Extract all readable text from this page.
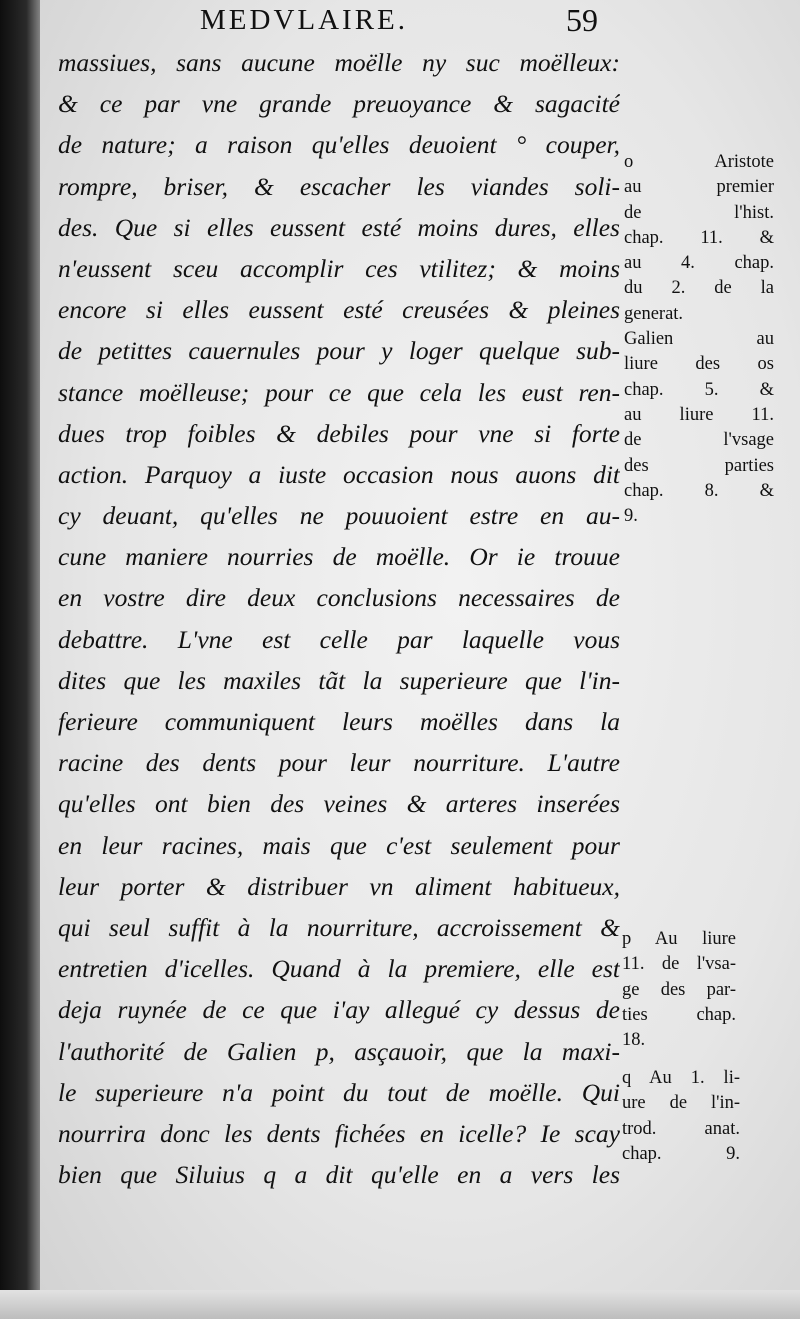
MEDVLAIRE.	59
massiues, sans aucune moëlle ny suc moëlleux:
& ce par vne grande preuoyance & sagacité
de nature; a raison qu'elles deuoient ° couper,
rompre, briser, & escacher les viandes soli-
des. Que si elles eussent esté moins dures, elles
n'eussent sceu accomplir ces vtilitez; & moins
encore si elles eussent esté creusées & pleines
de petittes cauernules pour y loger quelque sub-
stance moëlleuse; pour ce que cela les eust ren-
dues trop foibles & debiles pour vne si forte
action. Parquoy a iuste occasion nous auons dit
cy deuant, qu'elles ne pouuoient estre en au-
cune maniere nourries de moëlle. Or ie trouue
en vostre dire deux conclusions necessaires de
debattre. L'vne est celle par laquelle vous
dites que les maxiles tãt la superieure que l'in-
ferieure communiquent leurs moëlles dans la
racine des dents pour leur nourriture. L'autre
qu'elles ont bien des veines & arteres inserées
en leur racines, mais que c'est seulement pour
leur porter & distribuer vn aliment habitueux,
qui seul suffit à la nourriture, accroissement &
entretien d'icelles. Quand à la premiere, elle est
deja ruynée de ce que i'ay allegué cy dessus de
l'authorité de Galien p, asçauoir, que la maxi-
le superieure n'a point du tout de moëlle. Qui
nourrira donc les dents fichées en icelle? Ie scay
bien que Siluius q a dit qu'elle en a vers les
o Aristote
au premier
de l'hist.
chap. 11. &
au 4. chap.
du 2. de la
generat.
Galien au
liure des os
chap. 5. &
au liure 11.
de l'vsage
des parties
chap. 8. &
9.
p Au liure
11. de l'vsa-
ge des par-
ties chap.
18.
q Au 1. li-
ure de l'in-
trod. anat.
chap. 9.
